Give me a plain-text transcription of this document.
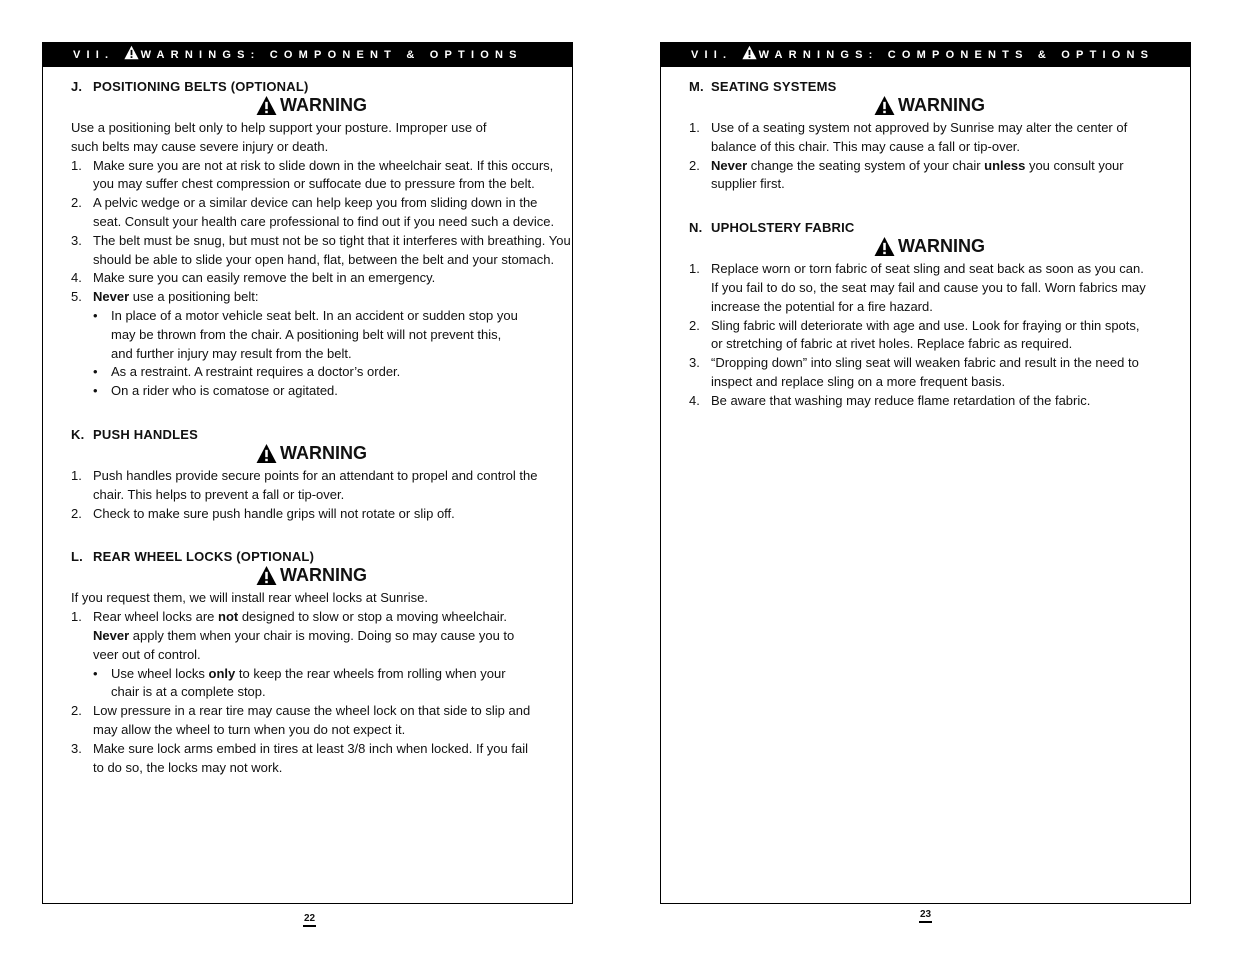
VII. WARNINGS: COMPONENT & OPTIONS
J. POSITIONING BELTS (OPTIONAL)
WARNING
Use a positioning belt only to help support your posture. Improper use of
such belts may cause severe injury or death.
1. Make sure you are not at risk to slide down in the wheelchair seat. If this occurs,
you may suffer chest compression or suffocate due to pressure from the belt.
2. A pelvic wedge or a similar device can help keep you from sliding down in the
seat. Consult your health care professional to find out if you need such a device.
3. The belt must be snug, but must not be so tight that it interferes with breathing. You
should be able to slide your open hand, flat, between the belt and your stomach.
4. Make sure you can easily remove the belt in an emergency.
5. Never use a positioning belt:
• In place of a motor vehicle seat belt. In an accident or sudden stop you
may be thrown from the chair. A positioning belt will not prevent this,
and further injury may result from the belt.
• As a restraint. A restraint requires a doctor’s order.
• On a rider who is comatose or agitated.
K. PUSH HANDLES
WARNING
1. Push handles provide secure points for an attendant to propel and control the
chair. This helps to prevent a fall or tip-over.
2. Check to make sure push handle grips will not rotate or slip off.
L. REAR WHEEL LOCKS (OPTIONAL)
WARNING
If you request them, we will install rear wheel locks at Sunrise.
1. Rear wheel locks are not designed to slow or stop a moving wheelchair.
Never apply them when your chair is moving. Doing so may cause you to
veer out of control.
• Use wheel locks only to keep the rear wheels from rolling when your
chair is at a complete stop.
2. Low pressure in a rear tire may cause the wheel lock on that side to slip and
may allow the wheel to turn when you do not expect it.
3. Make sure lock arms embed in tires at least 3/8 inch when locked. If you fail
to do so, the locks may not work.
VII. WARNINGS: COMPONENTS & OPTIONS
M. SEATING SYSTEMS
WARNING
1. Use of a seating system not approved by Sunrise may alter the center of
balance of this chair. This may cause a fall or tip-over.
2. Never change the seating system of your chair unless you consult your
supplier first.
N. UPHOLSTERY FABRIC
WARNING
1. Replace worn or torn fabric of seat sling and seat back as soon as you can.
If you fail to do so, the seat may fail and cause you to fall. Worn fabrics may
increase the potential for a fire hazard.
2. Sling fabric will deteriorate with age and use. Look for fraying or thin spots,
or stretching of fabric at rivet holes. Replace fabric as required.
3. “Dropping down” into sling seat will weaken fabric and result in the need to
inspect and replace sling on a more frequent basis.
4. Be aware that washing may reduce flame retardation of the fabric.
22	23
